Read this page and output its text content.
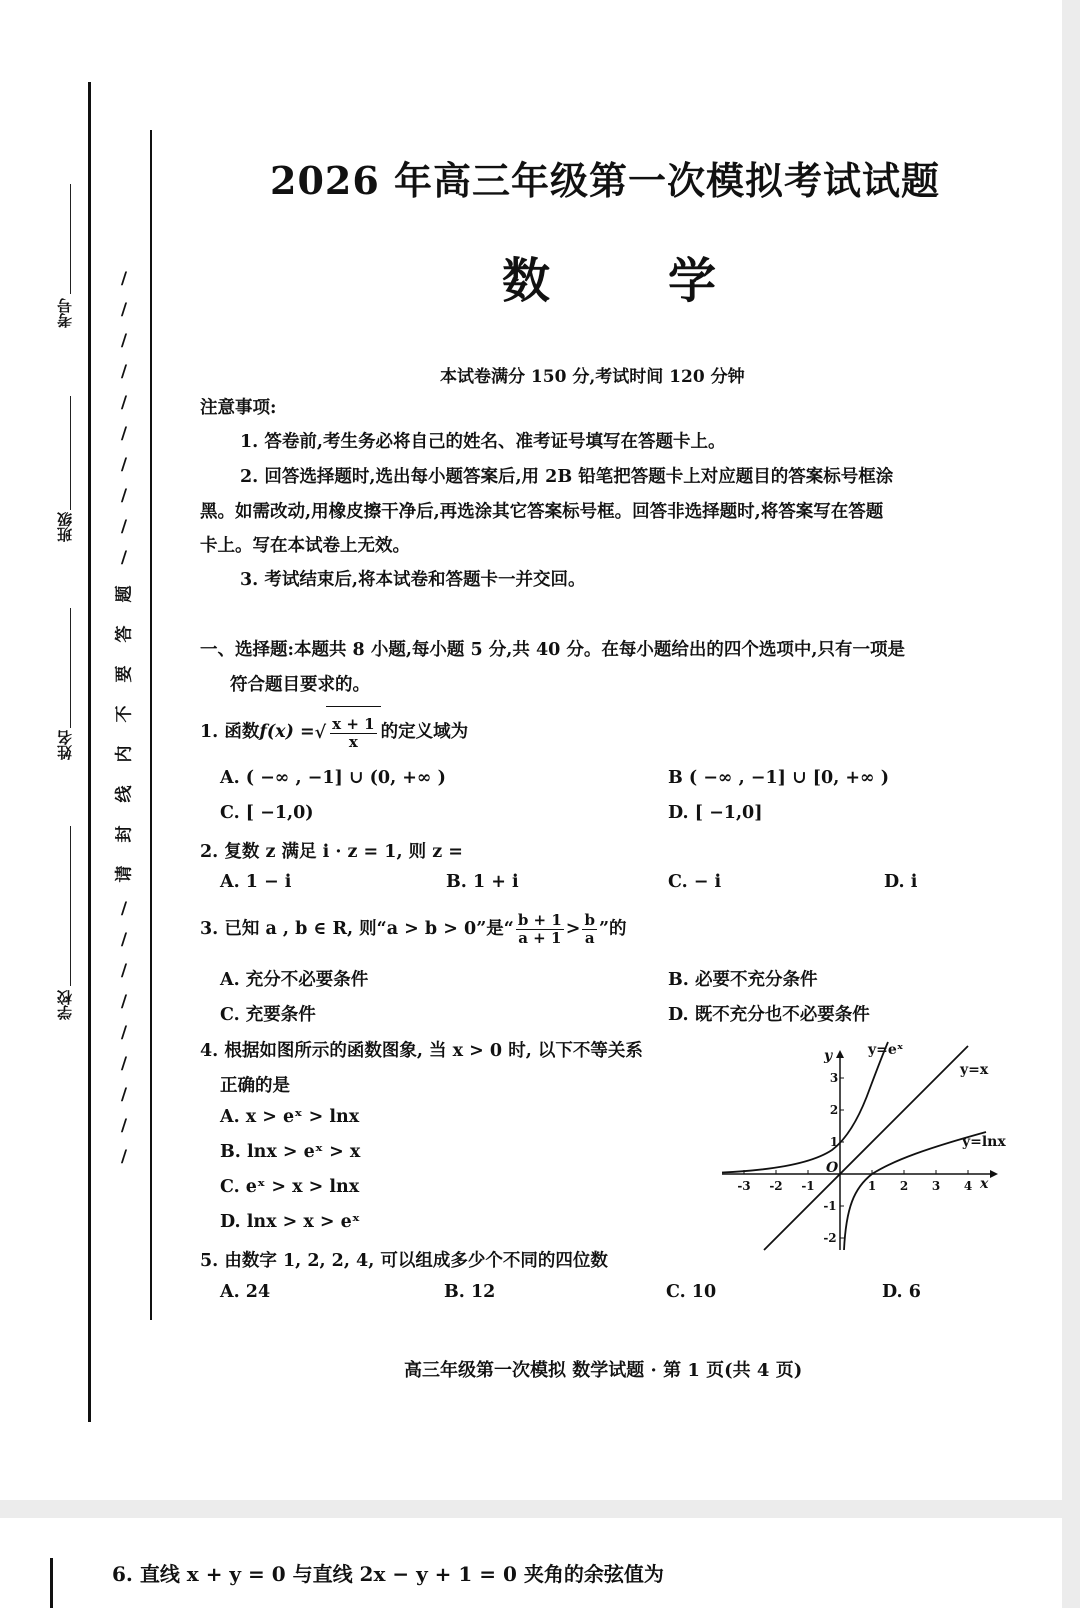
考号
班级
姓名
学校
/
/
/
/
/
/
/
/
/
/
题
答
要
不
内
线
封
请
/
/
/
/
/
/
/
/
/
2026 年高三年级第一次模拟考试试题
数 学
本试卷满分 150 分,考试时间 120 分钟
注意事项:
1. 答卷前,考生务必将自己的姓名、准考证号填写在答题卡上。
2. 回答选择题时,选出每小题答案后,用 2B 铅笔把答题卡上对应题目的答案标号框涂
黑。如需改动,用橡皮擦干净后,再选涂其它答案标号框。回答非选择题时,将答案写在答题
卡上。写在本试卷上无效。
3. 考试结束后,将本试卷和答题卡一并交回。
一、选择题:本题共 8 小题,每小题 5 分,共 40 分。在每小题给出的四个选项中,只有一项是
符合题目要求的。
1. 函数f(x) =√ $\frac{x + 1}{x}$ 的定义域为
A. ( −∞ , −1] ∪ (0, +∞ )	B ( −∞ , −1] ∪ [0, +∞ )
C. [ −1,0)	D. [ −1,0]
2. 复数 z 满足 i · z = 1, 则 z =
A. 1 − i	B. 1 + i	C. − i	D. i
3. 已知 a , b ∈ R, 则“a > b > 0”是“ $\frac{b + 1}{a + 1} > \frac{b}{a}$ ”的
A. 充分不必要条件	B. 必要不充分条件
C. 充要条件	D. 既不充分也不必要条件
4. 根据如图所示的函数图象, 当 x > 0 时, 以下不等关系
正确的是
A. x > eˣ > lnx
B. lnx > eˣ > x
C. eˣ > x > lnx
D. lnx > x > eˣ
y=eˣ
y=x
y=lnx
y
x
O
-3 -2 -1	1 2 3 4
3
2
1
-1
-2
5. 由数字 1, 2, 2, 4, 可以组成多少个不同的四位数
A. 24	B. 12	C. 10	D. 6
高三年级第一次模拟 数学试题 · 第 1 页(共 4 页)
6. 直线 x + y = 0 与直线 2x − y + 1 = 0 夹角的余弦值为
